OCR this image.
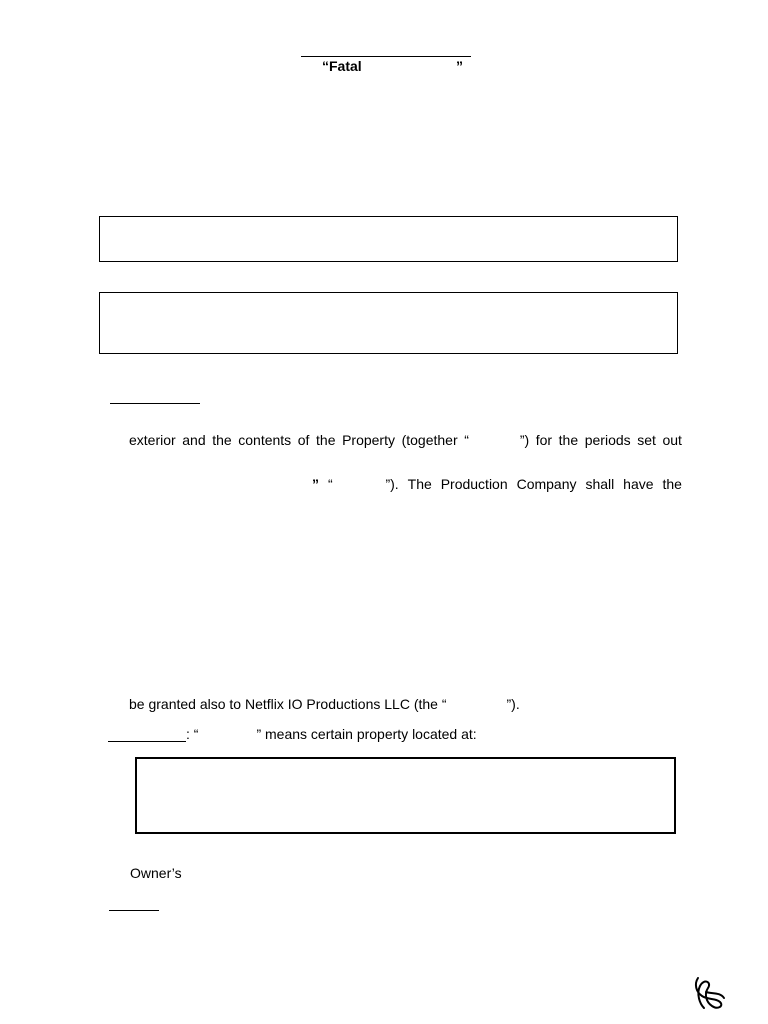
“Fatal	”
exterior and the contents of the Property (together “
    	”) for the periods set out
” “
   	”). The Production Company shall have the
be granted also to Netflix IO Productions LLC (the “	”).
: “	” means certain property located at:
Owner’s
